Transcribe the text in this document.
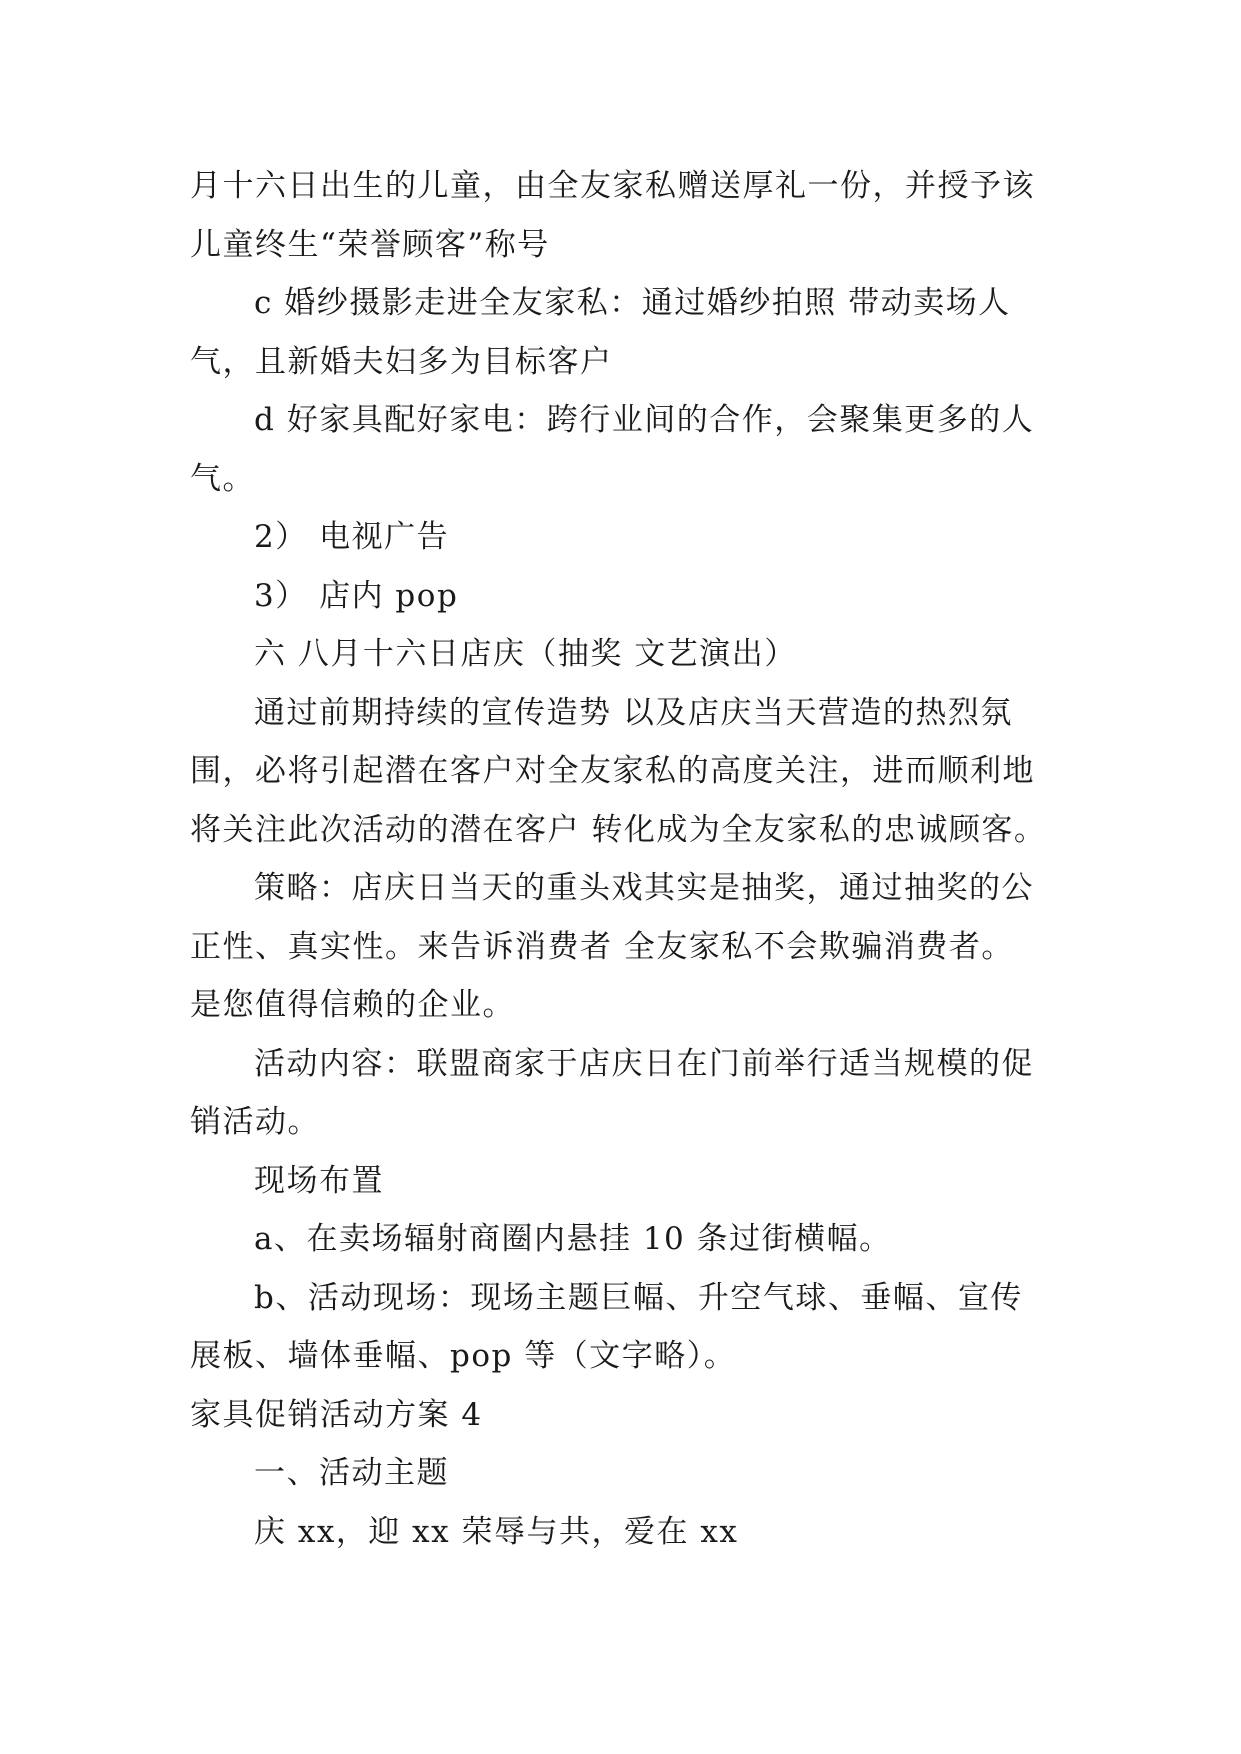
月十六日出生的儿童，由全友家私赠送厚礼一份，并授予该

儿童终生“荣誉顾客”称号

c 婚纱摄影走进全友家私：通过婚纱拍照 带动卖场人

气，且新婚夫妇多为目标客户

d 好家具配好家电：跨行业间的合作，会聚集更多的人

气。

2） 电视广告

3） 店内 pop

六 八月十六日店庆（抽奖 文艺演出）

通过前期持续的宣传造势 以及店庆当天营造的热烈氛

围，必将引起潜在客户对全友家私的高度关注，进而顺利地

将关注此次活动的潜在客户 转化成为全友家私的忠诚顾客。

策略：店庆日当天的重头戏其实是抽奖，通过抽奖的公

正性、真实性。来告诉消费者 全友家私不会欺骗消费者。

是您值得信赖的企业。

活动内容：联盟商家于店庆日在门前举行适当规模的促

销活动。

现场布置

a、在卖场辐射商圈内悬挂 10 条过街横幅。

b、活动现场：现场主题巨幅、升空气球、垂幅、宣传

展板、墙体垂幅、pop 等（文字略）。

家具促销活动方案 4

一、活动主题

庆 xx，迎 xx 荣辱与共，爱在 xx
